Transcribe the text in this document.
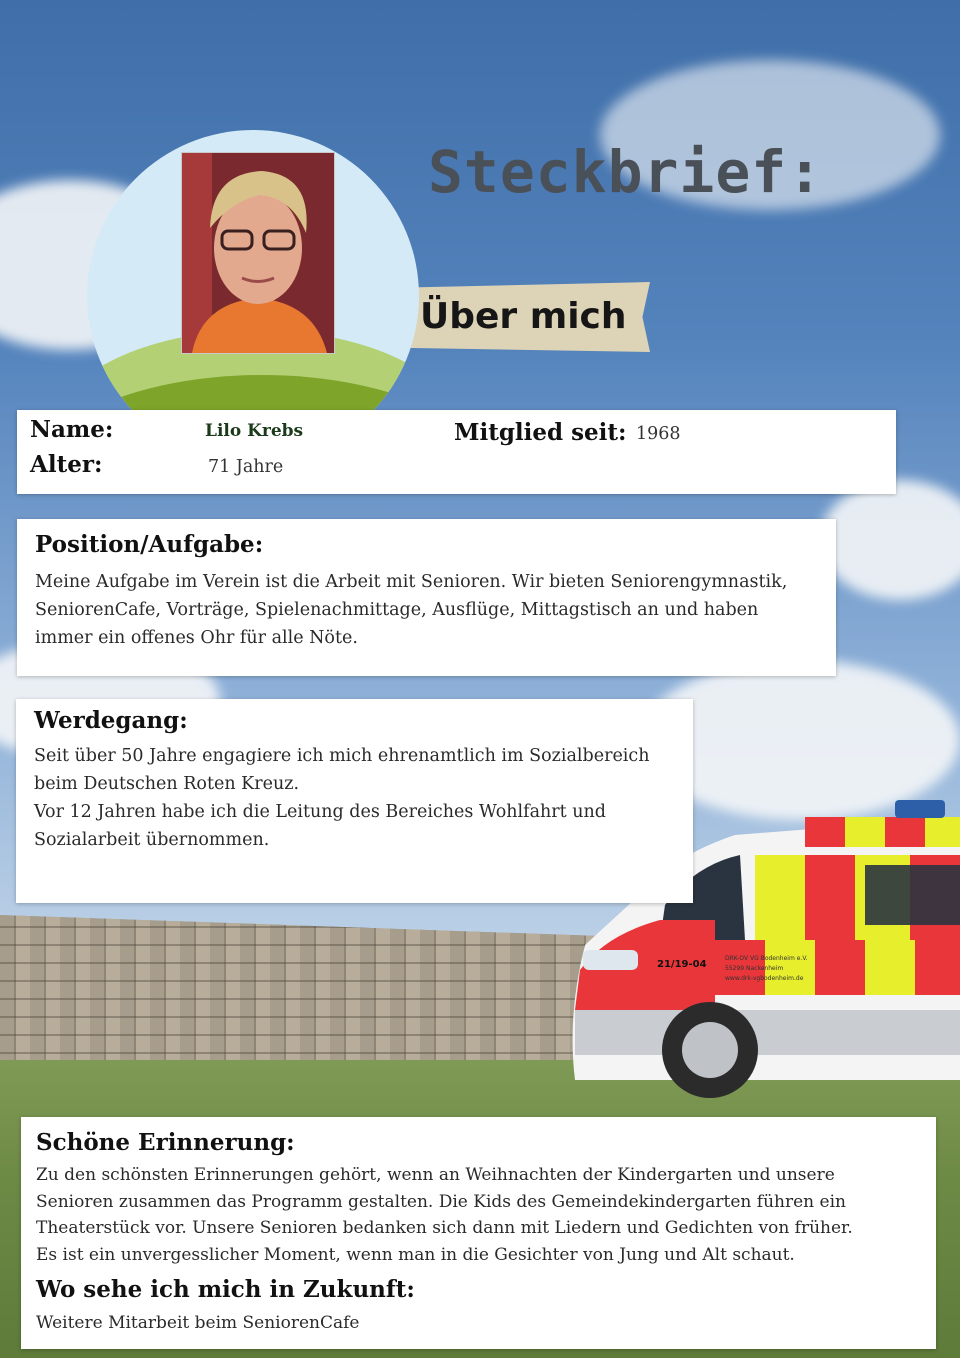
21/19-04
DRK-OV VG Bodenheim e.V.
55299 Nackenheim
www.drk-vgbodenheim.de
Steckbrief:
Über mich
Name:	Lilo Krebs
Alter:	71 Jahre
Mitglied seit: 1968
Position/Aufgabe:

Meine Aufgabe im Verein ist die Arbeit mit Senioren. Wir bieten Seniorengymnastik,

SeniorenCafe, Vorträge, Spielenachmittage, Ausflüge, Mittagstisch an und haben

immer ein offenes Ohr für alle Nöte.

Werdegang:

Seit über 50 Jahre engagiere ich mich ehrenamtlich im Sozialbereich

beim Deutschen Roten Kreuz.

Vor 12 Jahren habe ich die Leitung des Bereiches Wohlfahrt und

Sozialarbeit übernommen.

Schöne Erinnerung:

Zu den schönsten Erinnerungen gehört, wenn an Weihnachten der Kindergarten und unsere

Senioren zusammen das Programm gestalten. Die Kids des Gemeindekindergarten führen ein

Theaterstück vor. Unsere Senioren bedanken sich dann mit Liedern und Gedichten von früher.

Es ist ein unvergesslicher Moment, wenn man in die Gesichter von Jung und Alt schaut.

Wo sehe ich mich in Zukunft:

Weitere Mitarbeit beim SeniorenCafe
